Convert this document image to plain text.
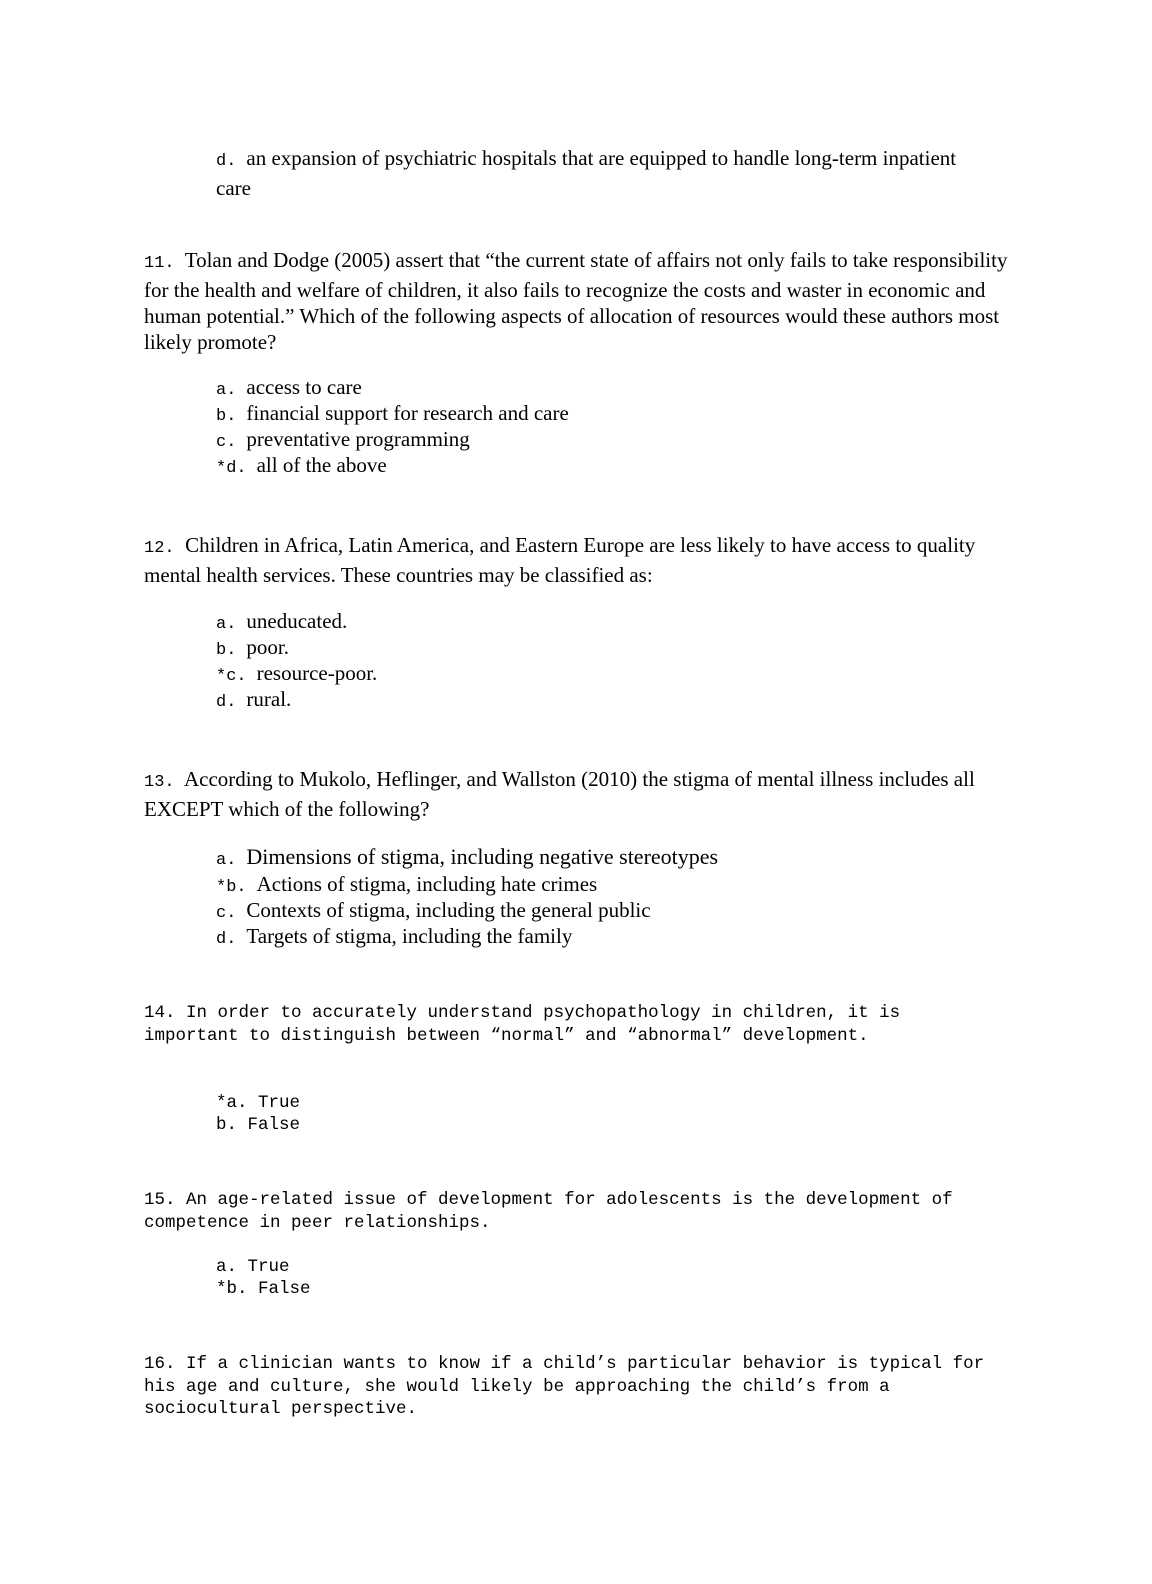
d. an expansion of psychiatric hospitals that are equipped to handle long-term inpatient care

11. Tolan and Dodge (2005) assert that “the current state of affairs not only fails to take responsibility for the health and welfare of children, it also fails to recognize the costs and waster in economic and human potential.” Which of the following aspects of allocation of resources would these authors most likely promote?

a. access to care

b. financial support for research and care

c. preventative programming

*d. all of the above

12. Children in Africa, Latin America, and Eastern Europe are less likely to have access to quality mental health services. These countries may be classified as:

a. uneducated.

b. poor.

*c. resource-poor.

d. rural.

13. According to Mukolo, Heflinger, and Wallston (2010) the stigma of mental illness includes all EXCEPT which of the following?

a. Dimensions of stigma, including negative stereotypes

*b. Actions of stigma, including hate crimes

c. Contexts of stigma, including the general public

d. Targets of stigma, including the family

14. In order to accurately understand psychopathology in children, it is important to distinguish between “normal” and “abnormal” development.

*a. True

b. False

15. An age-related issue of development for adolescents is the development of competence in peer relationships.

a. True

*b. False

16. If a clinician wants to know if a child’s particular behavior is typical for his age and culture, she would likely be approaching the child’s from a sociocultural perspective.
